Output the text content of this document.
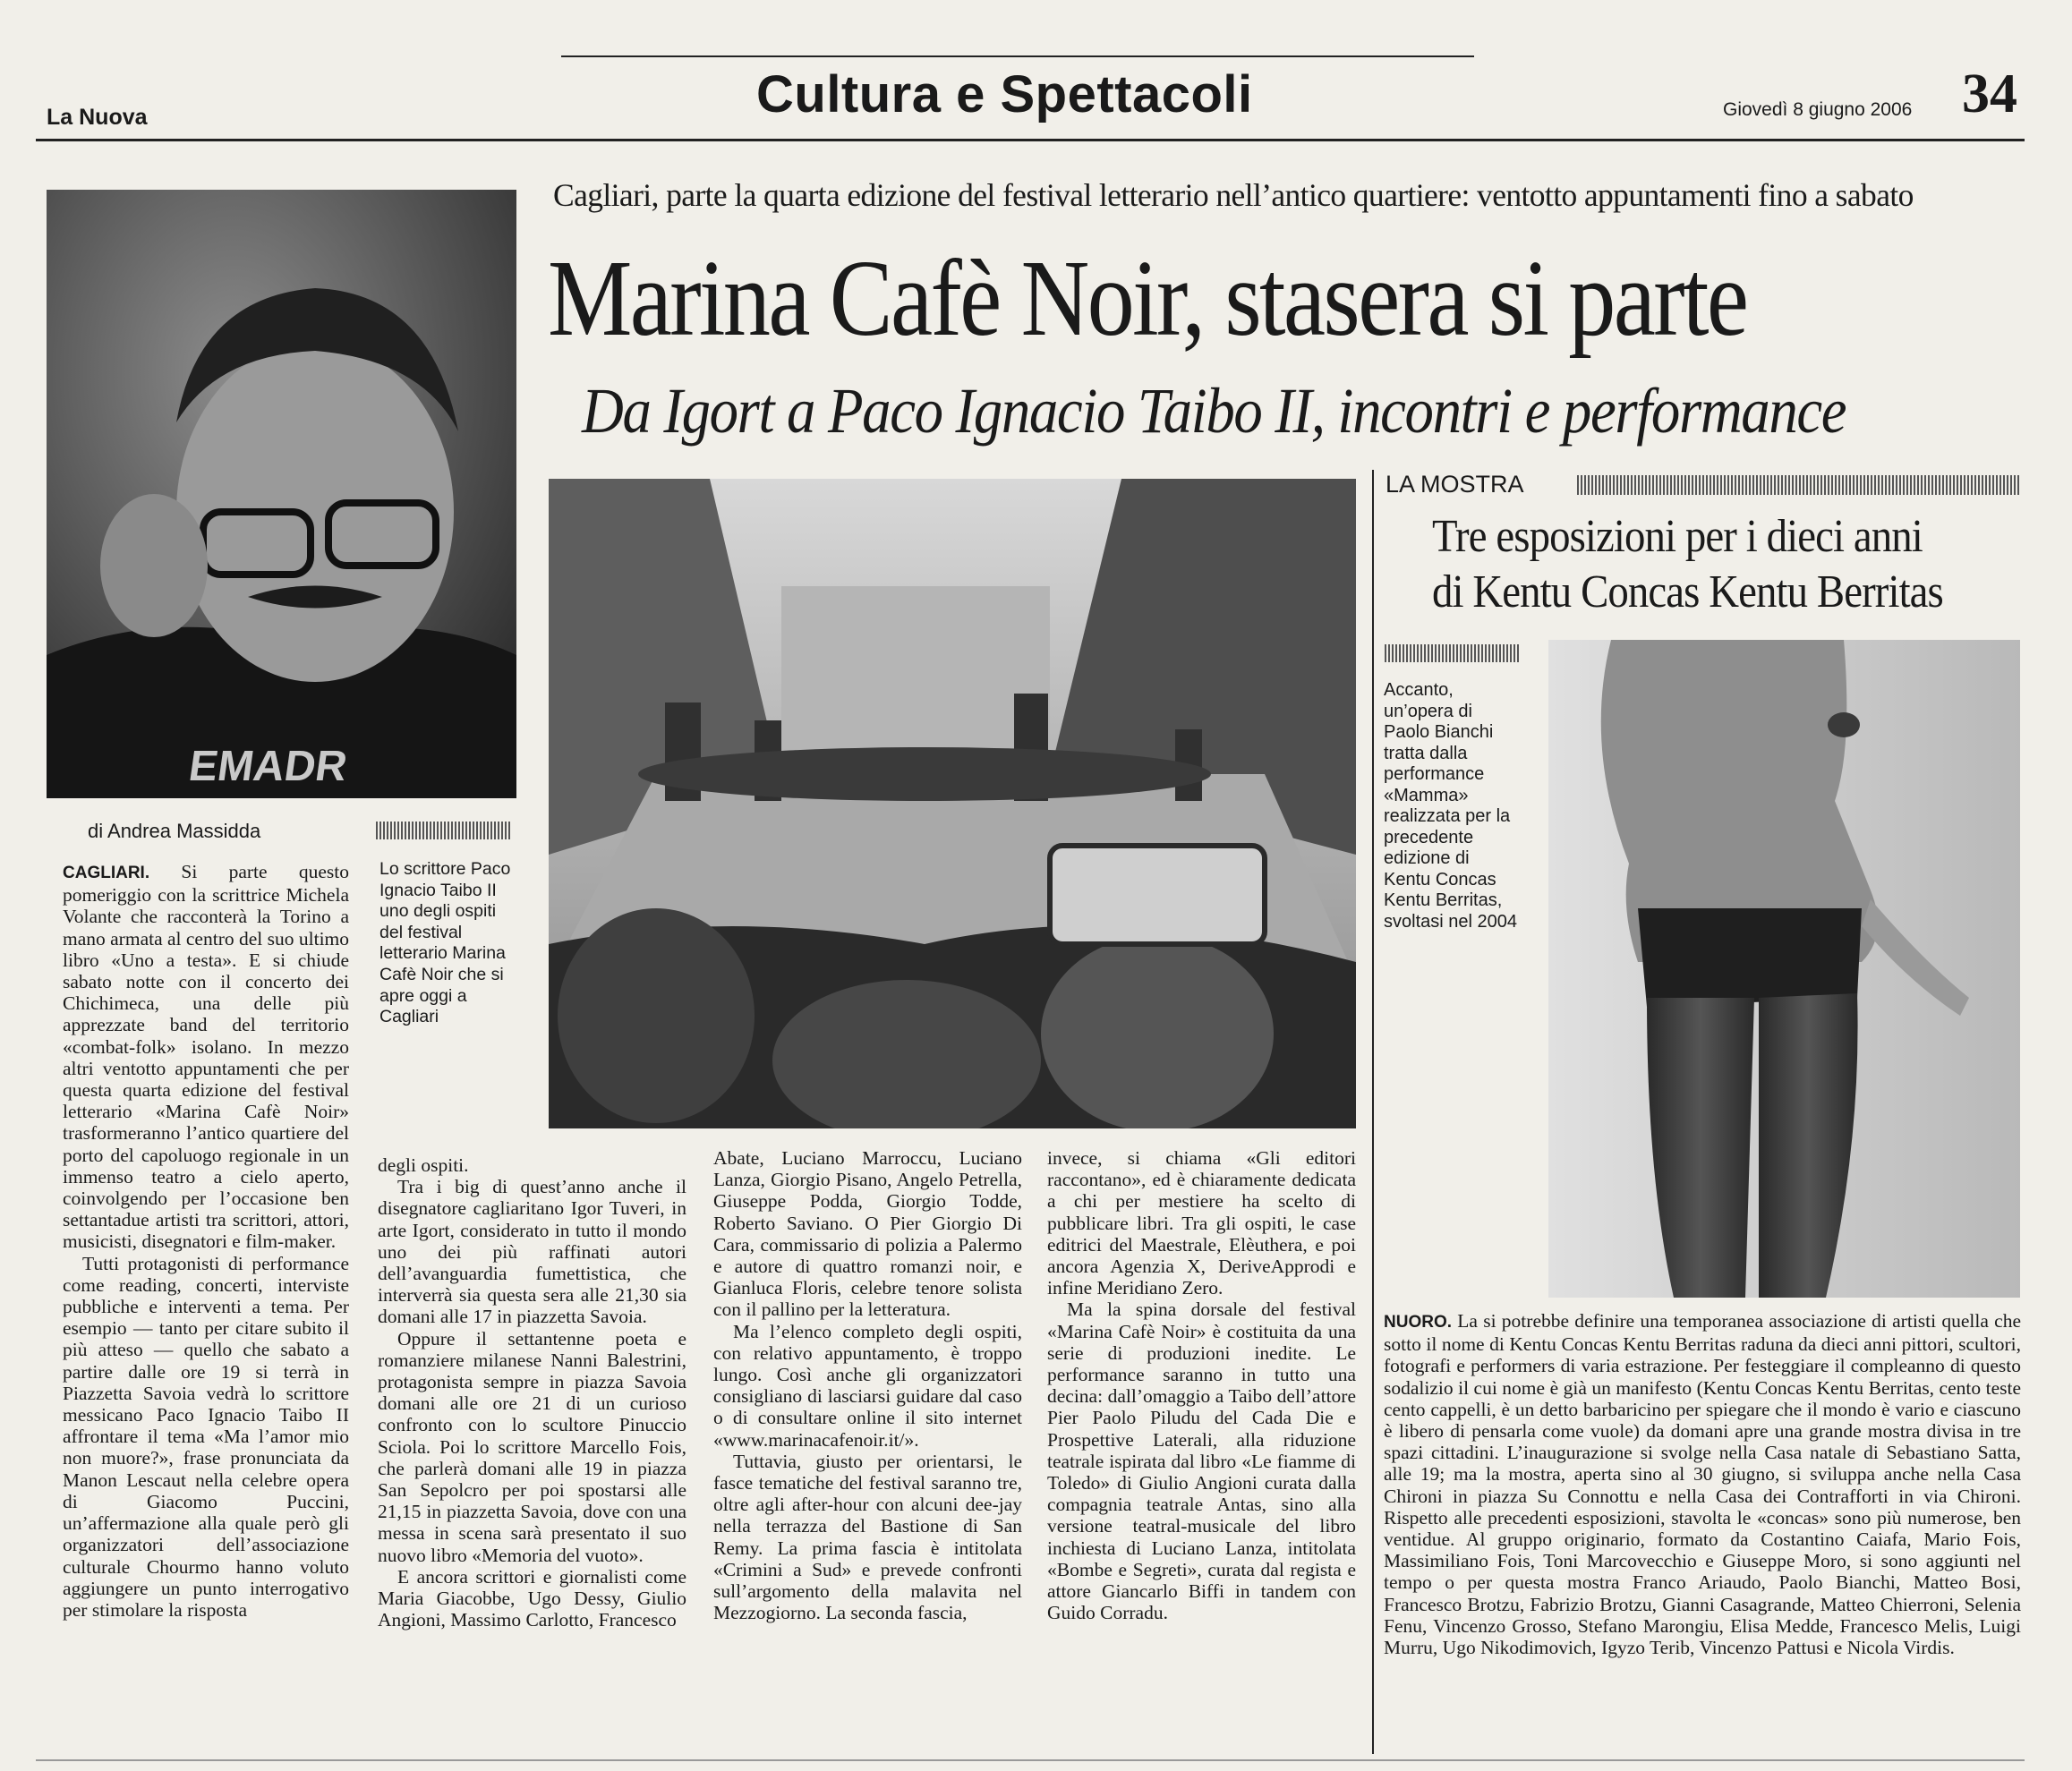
La Nuova	Cultura e Spettacoli	Giovedì 8 giugno 2006 34
Cagliari, parte la quarta edizione del festival letterario nell’antico quartiere: ventotto appuntamenti fino a sabato
Marina Cafè Noir, stasera si parte
Da Igort a Paco Ignacio Taibo II, incontri e performance
EMADR
di Andrea Massidda
Lo scrittore Paco Ignacio Taibo II uno degli ospiti del festival letterario Marina Cafè Noir che si apre oggi a Cagliari

CAGLIARI. Si parte questo pomeriggio con la scrittrice Michela Volante che racconterà la Torino a mano armata al centro del suo ultimo libro «Uno a testa». E si chiude sabato notte con il concerto dei Chichimeca, una delle più apprezzate band del territorio «combat-folk» isolano. In mezzo altri ventotto appuntamenti che per questa quarta edizione del festival letterario «Marina Cafè Noir» trasformeranno l’antico quartiere del porto del capoluogo regionale in un immenso teatro a cielo aperto, coinvolgendo per l’occasione ben settantadue artisti tra scrittori, attori, musicisti, disegnatori e film-maker.

Tutti protagonisti di performance come reading, concerti, interviste pubbliche e interventi a tema. Per esempio — tanto per citare subito il più atteso — quello che sabato a partire dalle ore 19 si terrà in Piazzetta Savoia vedrà lo scrittore messicano Paco Ignacio Taibo II affrontare il tema «Ma l’amor mio non muore?», frase pronunciata da Manon Lescaut nella celebre opera di Giacomo Puccini, un’affermazione alla quale però gli organizzatori dell’associazione culturale Chourmo hanno voluto aggiungere un punto interrogativo per stimolare la risposta

degli ospiti.

Tra i big di quest’anno anche il disegnatore cagliaritano Igor Tuveri, in arte Igort, considerato in tutto il mondo uno dei più raffinati autori dell’avanguardia fumettistica, che interverrà sia questa sera alle 21,30 sia domani alle 17 in piazzetta Savoia.

Oppure il settantenne poeta e romanziere milanese Nanni Balestrini, protagonista sempre in piazza Savoia domani alle ore 21 di un curioso confronto con lo scultore Pinuccio Sciola. Poi lo scrittore Marcello Fois, che parlerà domani alle 19 in piazza San Sepolcro per poi spostarsi alle 21,15 in piazzetta Savoia, dove con una messa in scena sarà presentato il suo nuovo libro «Memoria del vuoto».

E ancora scrittori e giornalisti come Maria Giacobbe, Ugo Dessy, Giulio Angioni, Massimo Carlotto, Francesco

Abate, Luciano Marroccu, Luciano Lanza, Giorgio Pisano, Angelo Petrella, Giuseppe Podda, Giorgio Todde, Roberto Saviano. O Pier Giorgio Di Cara, commissario di polizia a Palermo e autore di quattro romanzi noir, e Gianluca Floris, celebre tenore solista con il pallino per la letteratura.

Ma l’elenco completo degli ospiti, con relativo appuntamento, è troppo lungo. Così anche gli organizzatori consigliano di lasciarsi guidare dal caso o di consultare online il sito internet «www.marinacafenoir.it/».

Tuttavia, giusto per orientarsi, le fasce tematiche del festival saranno tre, oltre agli after-hour con alcuni dee-jay nella terrazza del Bastione di San Remy. La prima fascia è intitolata «Crimini a Sud» e prevede confronti sull’argomento della malavita nel Mezzogiorno. La seconda fascia,

invece, si chiama «Gli editori raccontano», ed è chiaramente dedicata a chi per mestiere ha scelto di pubblicare libri. Tra gli ospiti, le case editrici del Maestrale, Elèuthera, e poi ancora Agenzia X, DeriveApprodi e infine Meridiano Zero.

Ma la spina dorsale del festival «Marina Cafè Noir» è costituita da una serie di produzioni inedite. Le performance saranno in tutto una decina: dall’omaggio a Taibo dell’attore Pier Paolo Piludu del Cada Die e Prospettive Laterali, alla riduzione teatrale ispirata dal libro «Le fiamme di Toledo» di Giulio Angioni curata dalla compagnia teatrale Antas, sino alla versione teatral-musicale del libro inchiesta di Luciano Lanza, intitolata «Bombe e Segreti», curata dal regista e attore Giancarlo Biffi in tandem con Guido Corradu.

LA MOSTRA
Tre esposizioni per i dieci anni
di Kentu Concas Kentu Berritas
Accanto, un’opera di Paolo Bianchi tratta dalla performance «Mamma» realizzata per la precedente edizione di Kentu Concas Kentu Berritas, svoltasi nel 2004

NUORO. La si potrebbe definire una temporanea associazione di artisti quella che sotto il nome di Kentu Concas Kentu Berritas raduna da dieci anni pittori, scultori, fotografi e performers di varia estrazione. Per festeggiare il compleanno di questo sodalizio il cui nome è già un manifesto (Kentu Concas Kentu Berritas, cento teste cento cappelli, è un detto barbaricino per spiegare che il mondo è vario e ciascuno è libero di pensarla come vuole) da domani apre una grande mostra divisa in tre spazi cittadini. L’inaugurazione si svolge nella Casa natale di Sebastiano Satta, alle 19; ma la mostra, aperta sino al 30 giugno, si sviluppa anche nella Casa Chironi in piazza Su Connottu e nella Casa dei Contrafforti in via Chironi. Rispetto alle precedenti esposizioni, stavolta le «concas» sono più numerose, ben ventidue. Al gruppo originario, formato da Costantino Caiafa, Mario Fois, Massimiliano Fois, Toni Marcovecchio e Giuseppe Moro, si sono aggiunti nel tempo o per questa mostra Franco Ariaudo, Paolo Bianchi, Matteo Bosi, Francesco Brotzu, Fabrizio Brotzu, Gianni Casagrande, Matteo Chierroni, Selenia Fenu, Vincenzo Grosso, Stefano Marongiu, Elisa Medde, Francesco Melis, Luigi Murru, Ugo Nikodimovich, Igyzo Terib, Vincenzo Pattusi e Nicola Virdis.
